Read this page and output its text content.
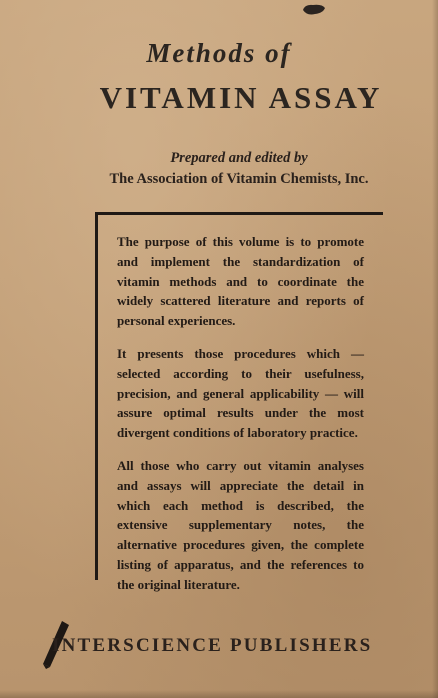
Methods of
VITAMIN ASSAY
Prepared and edited by
The Association of Vitamin Chemists, Inc.

The purpose of this volume is to promote and implement the standardization of vitamin methods and to coordinate the widely scattered literature and reports of personal experiences.

It presents those procedures which — selected according to their usefulness, precision, and general applicability — will assure optimal results under the most divergent conditions of laboratory practice.

All those who carry out vitamin analyses and assays will appreciate the detail in which each method is described, the extensive supplementary notes, the alternative procedures given, the complete listing of apparatus, and the references to the original literature.

INTERSCIENCE PUBLISHERS
